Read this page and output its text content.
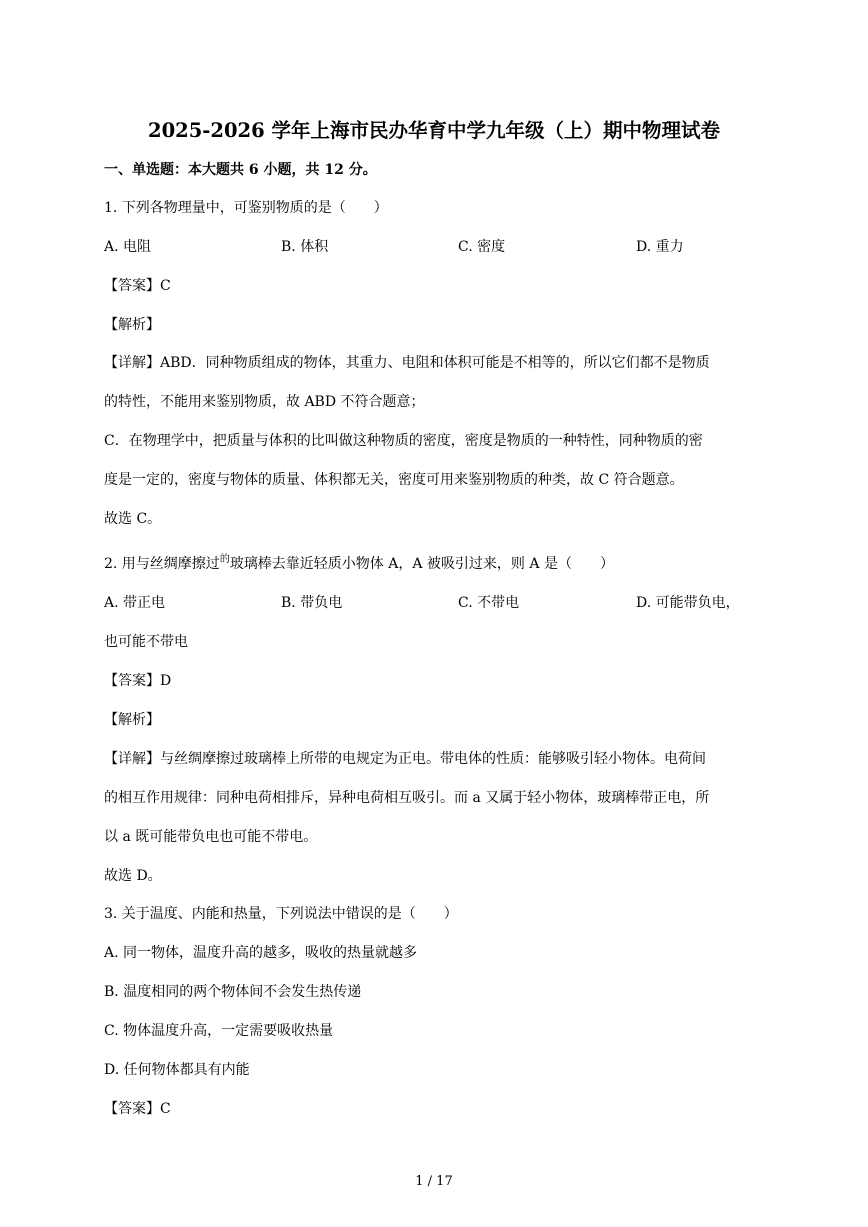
2025-2026 学年上海市民办华育中学九年级（上）期中物理试卷
一、单选题：本大题共 6 小题，共 12 分。
1. 下列各物理量中，可鉴别物质的是（　　）
A. 电阻	B. 体积	C. 密度	D. 重力
【答案】C
【解析】
【详解】ABD．同种物质组成的物体，其重力、电阻和体积可能是不相等的，所以它们都不是物质
的特性，不能用来鉴别物质，故 ABD 不符合题意；
C．在物理学中，把质量与体积的比叫做这种物质的密度，密度是物质的一种特性，同种物质的密
度是一定的，密度与物体的质量、体积都无关，密度可用来鉴别物质的种类，故 C 符合题意。
故选 C。
2. 用与丝绸摩擦过$^的$玻璃棒去靠近轻质小物体 A，A 被吸引过来，则 A 是（　　）
A. 带正电	B. 带负电	C. 不带电	D. 可能带负电，
也可能不带电
【答案】D
【解析】
【详解】与丝绸摩擦过玻璃棒上所带的电规定为正电。带电体的性质：能够吸引轻小物体。电荷间
的相互作用规律：同种电荷相排斥，异种电荷相互吸引。而 a 又属于轻小物体，玻璃棒带正电，所
以 a 既可能带负电也可能不带电。
故选 D。
3. 关于温度、内能和热量，下列说法中错误的是（　　）
A. 同一物体，温度升高的越多，吸收的热量就越多
B. 温度相同的两个物体间不会发生热传递
C. 物体温度升高，一定需要吸收热量
D. 任何物体都具有内能
【答案】C
1 / 17
